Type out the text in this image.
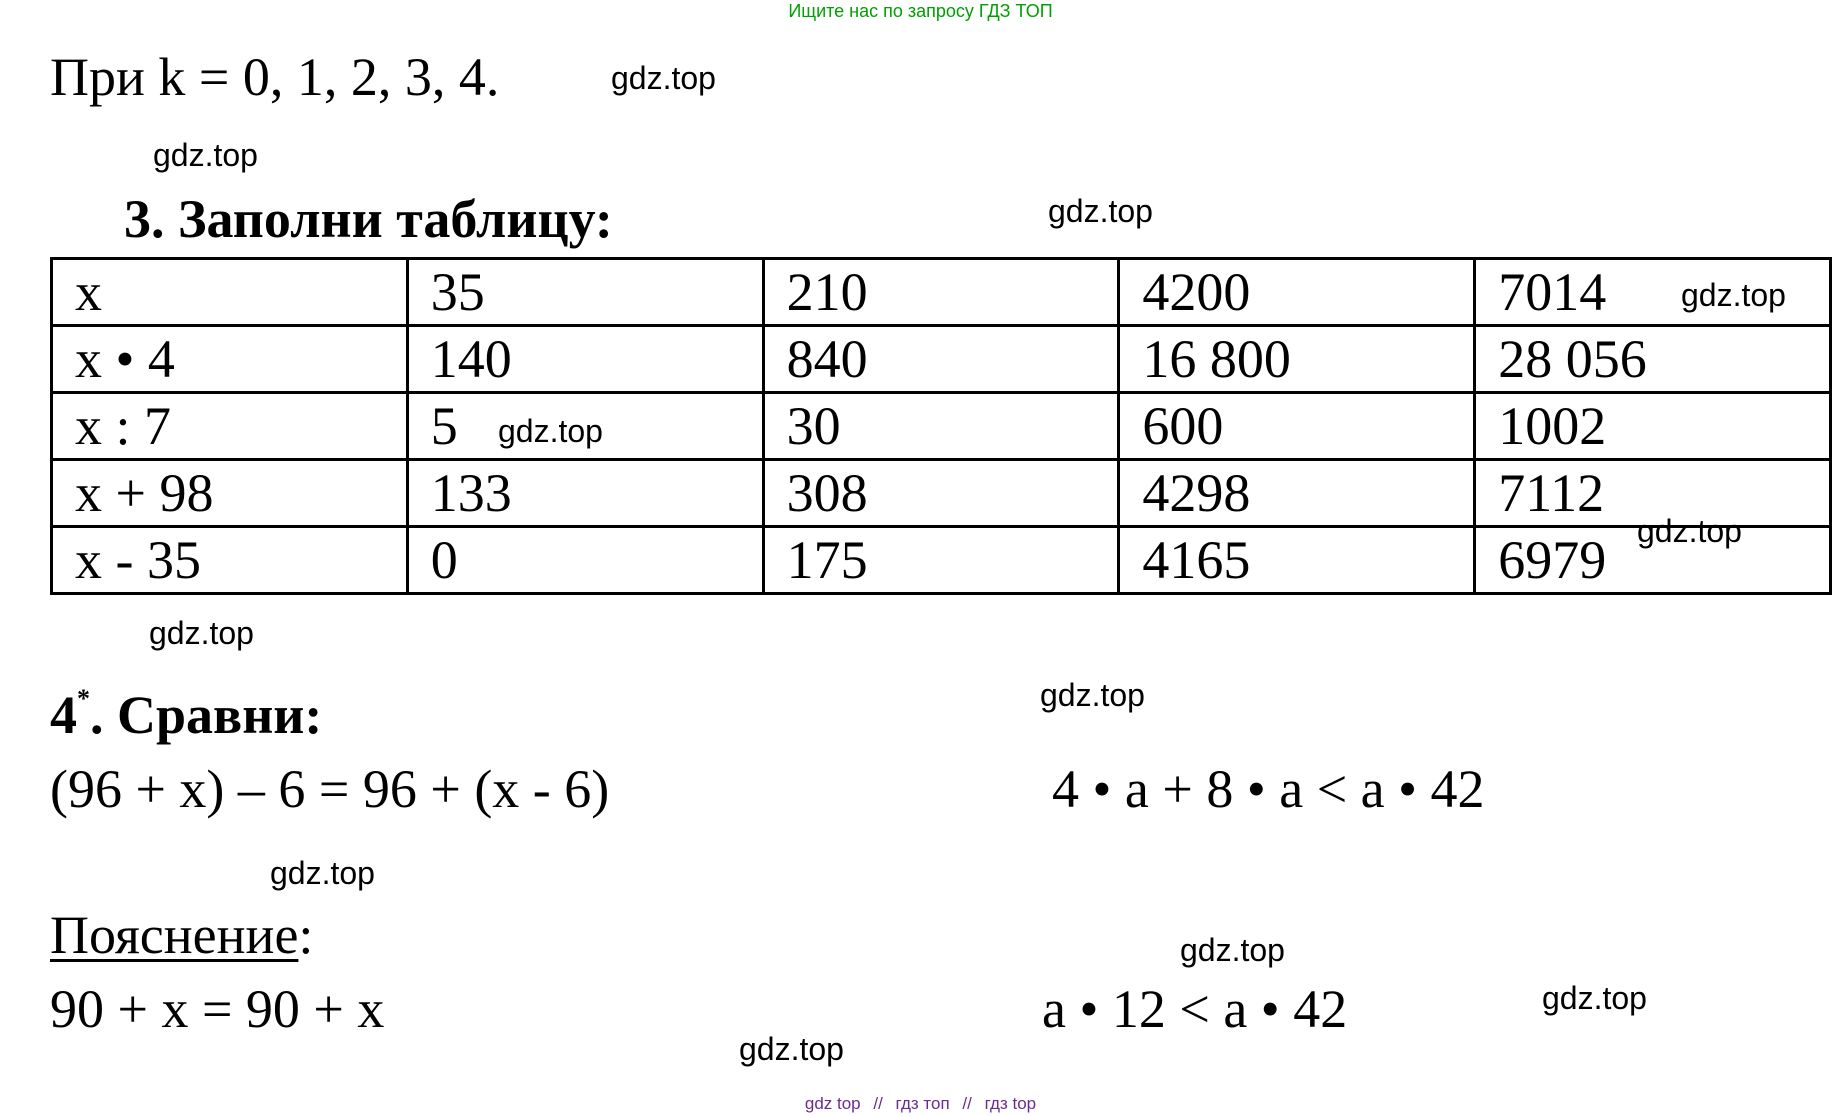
Ищите нас по запросу ГДЗ ТОП
При k = 0, 1, 2, 3, 4.
3. Заполни таблицу:
x	35	210	4200	7014
x • 4	140	840	16 800	28 056
x : 7	5	30	600	1002
x + 98	133	308	4298	7112
x - 35	0	175	4165	6979
4*. Сравни:
(96 + x) – 6 = 96 + (x - 6)	4 • a + 8 • a < a • 42
Пояснение:
90 + x = 90 + x	a • 12 < a • 42
gdz.top
gdz.top
gdz.top
gdz.top
gdz.top
gdz.top
gdz.top
gdz.top
gdz.top
gdz.top
gdz.top
gdz.top
gdz top // гдз топ // гдз top
